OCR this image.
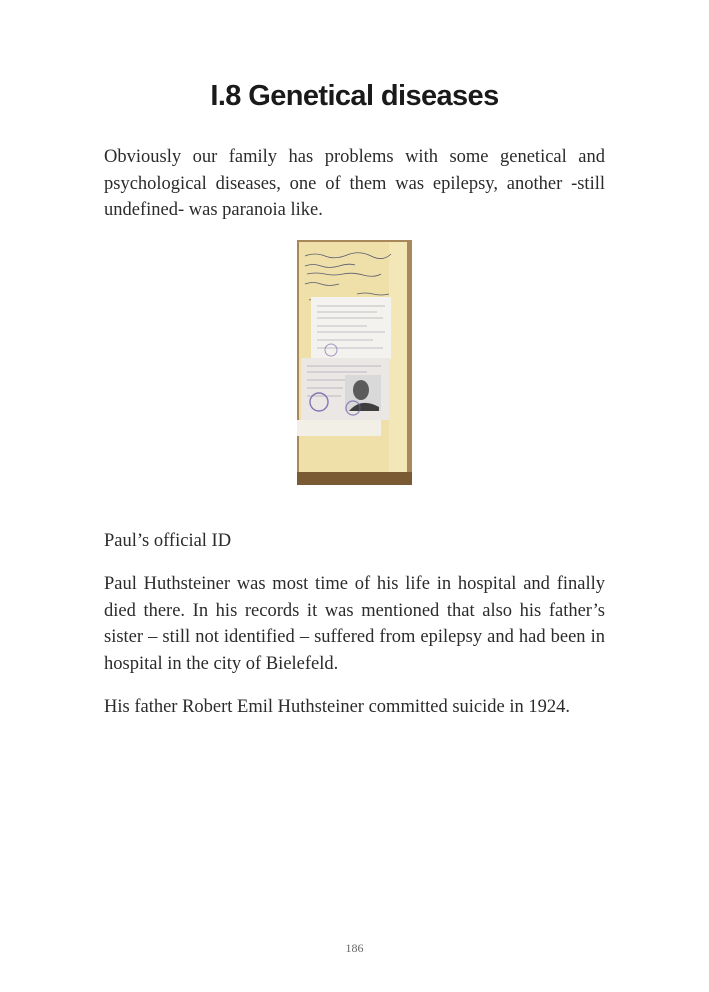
I.8 Genetical diseases

Obviously our family has problems with some genetical and psychological diseases, one of them was epilepsy, another -still undefined- was paranoia like.

Paul’s official ID

Paul Huthsteiner was most time of his life in hospital and finally died there. In his records it was mentioned that also his father’s sister – still not identified – suffered from epilepsy and had been in hospital in the city of Bielefeld.

His father Robert Emil Huthsteiner committed suicide in 1924.

186
